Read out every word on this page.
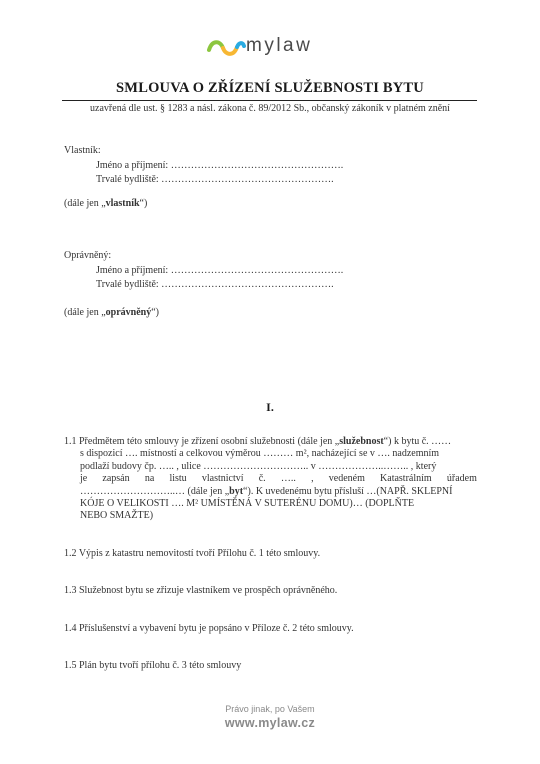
mylaw
SMLOUVA O ZŘÍZENÍ SLUŽEBNOSTI BYTU
uzavřená dle ust. § 1283 a násl. zákona č. 89/2012 Sb., občanský zákoník v platném znění
Vlastník:
Jméno a příjmení: …………………………………………….
Trvalé bydliště: …………………………………………….
(dále jen „vlastník“)
Oprávněný:
Jméno a příjmení: …………………………………………….
Trvalé bydliště: …………………………………………….
(dále jen „oprávněný“)
I.
1.1 Předmětem této smlouvy je zřízení osobní služebnosti (dále jen „ služebnost “) k bytu č. ……
s dispozicí …. místností a celkovou výměrou ……… m², nacházející se v …. nadzemním
podlaží budovy čp. ….. , ulice ………………………….. v ………………..…….. , který
je zapsán na listu vlastnictví č. ….. , vedeném Katastrálním úřadem
………………………..… (dále jen „ byt “). K uvedenému bytu přísluší …(NAPŘ. SKLEPNÍ
KÓJE O VELIKOSTI …. M² UMÍSTĚNÁ V SUTERÉNU DOMU)… (DOPLŇTE
NEBO SMAŽTE)
1.2 Výpis z katastru nemovitostí tvoří Přílohu č. 1 této smlouvy.
1.3 Služebnost bytu se zřizuje vlastníkem ve prospěch oprávněného.
1.4 Příslušenství a vybavení bytu je popsáno v Příloze č. 2 této smlouvy.
1.5 Plán bytu tvoří přílohu č. 3 této smlouvy
Právo jinak, po Vašem
www.mylaw.cz
